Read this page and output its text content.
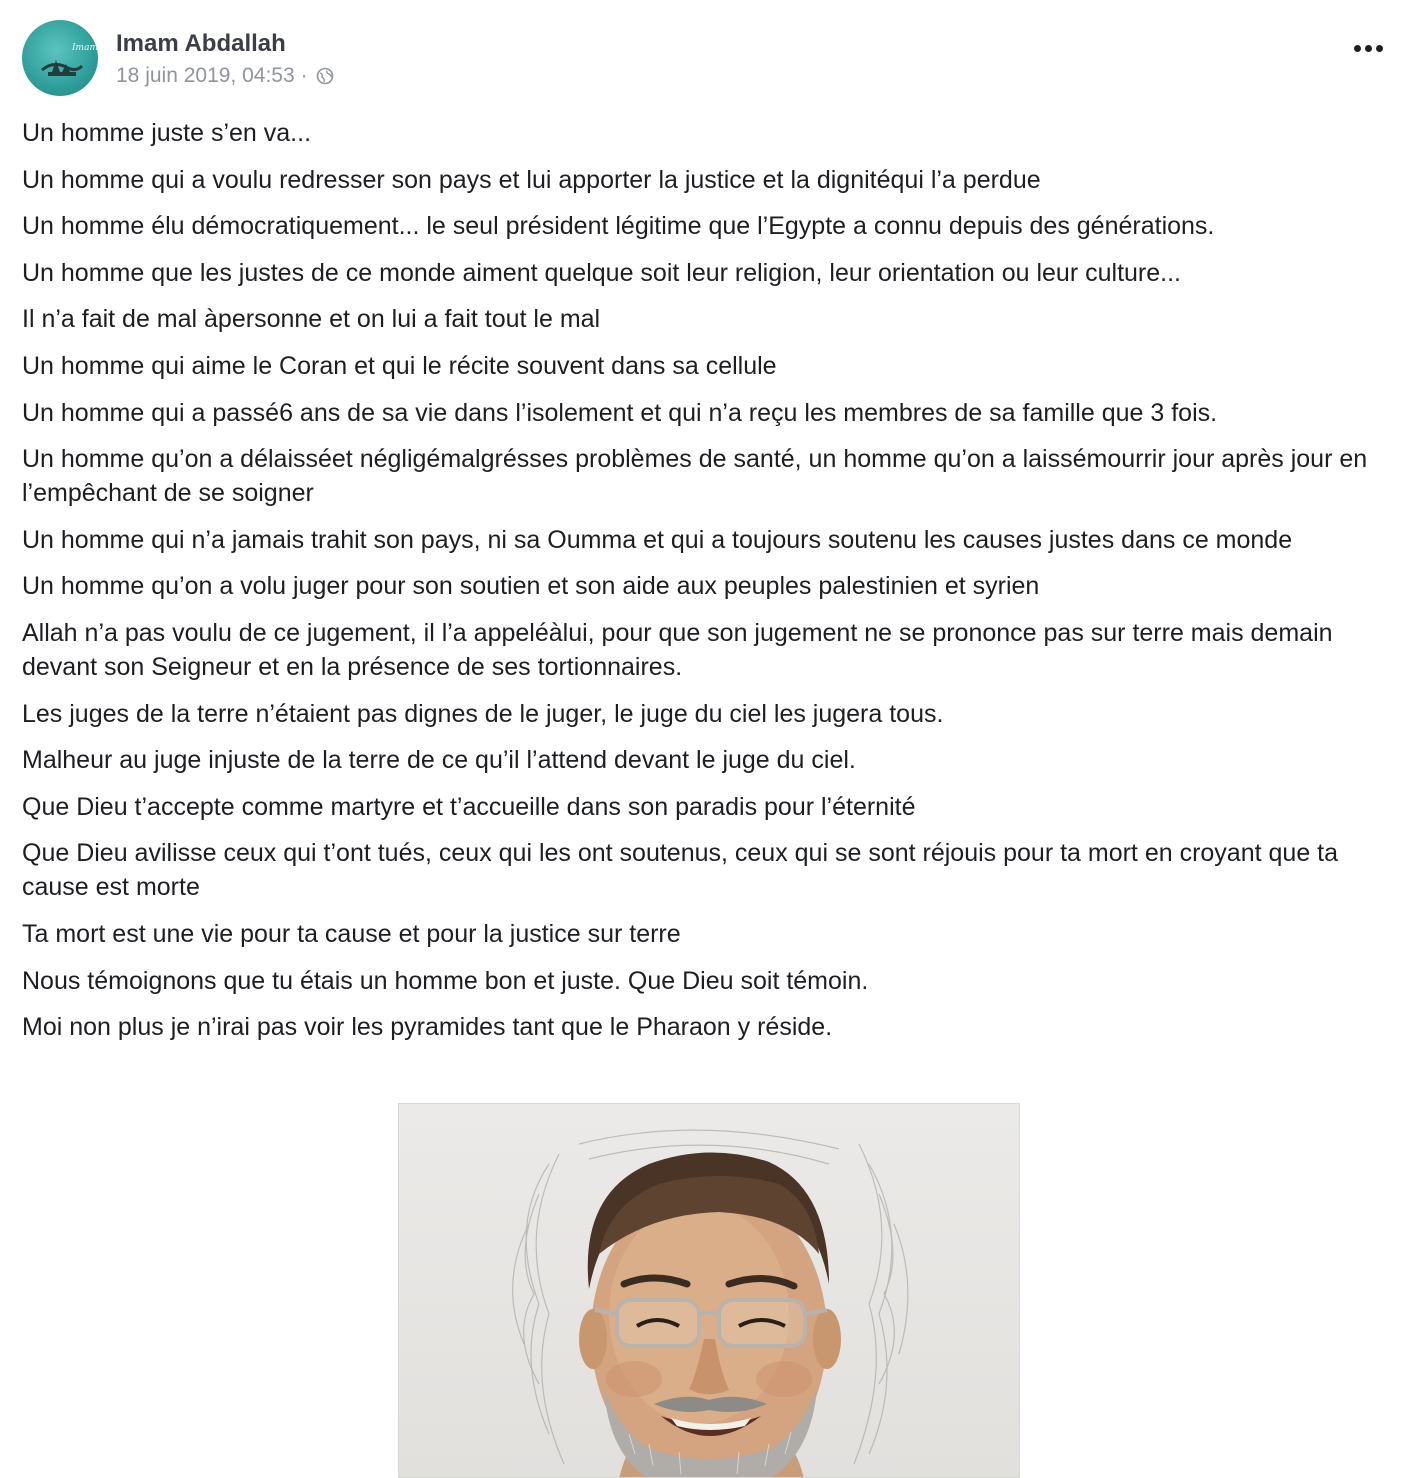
Imam Imam Abdallah
18 juin 2019, 04:53 ·

Un homme juste s’en va...

Un homme qui a voulu redresser son pays et lui apporter la justice et la dignitéqui l’a perdue

Un homme élu démocratiquement... le seul président légitime que l’Egypte a connu depuis des générations.

Un homme que les justes de ce monde aiment quelque soit leur religion, leur orientation ou leur culture...

Il n’a fait de mal àpersonne et on lui a fait tout le mal

Un homme qui aime le Coran et qui le récite souvent dans sa cellule

Un homme qui a passé6 ans de sa vie dans l’isolement et qui n’a reçu les membres de sa famille que 3 fois.

Un homme qu’on a délaisséet négligémalgrésses problèmes de santé, un homme qu’on a laissémourrir jour après jour en l’empêchant de se soigner

Un homme qui n’a jamais trahit son pays, ni sa Oumma et qui a toujours soutenu les causes justes dans ce monde

Un homme qu’on a volu juger pour son soutien et son aide aux peuples palestinien et syrien

Allah n’a pas voulu de ce jugement, il l’a appeléàlui, pour que son jugement ne se prononce pas sur terre mais demain devant son Seigneur et en la présence de ses tortionnaires.

Les juges de la terre n’étaient pas dignes de le juger, le juge du ciel les jugera tous.

Malheur au juge injuste de la terre de ce qu’il l’attend devant le juge du ciel.

Que Dieu t’accepte comme martyre et t’accueille dans son paradis pour l’éternité

Que Dieu avilisse ceux qui t’ont tués, ceux qui les ont soutenus, ceux qui se sont réjouis pour ta mort en croyant que ta cause est morte

Ta mort est une vie pour ta cause et pour la justice sur terre

Nous témoignons que tu étais un homme bon et juste. Que Dieu soit témoin.

Moi non plus je n’irai pas voir les pyramides tant que le Pharaon y réside.
